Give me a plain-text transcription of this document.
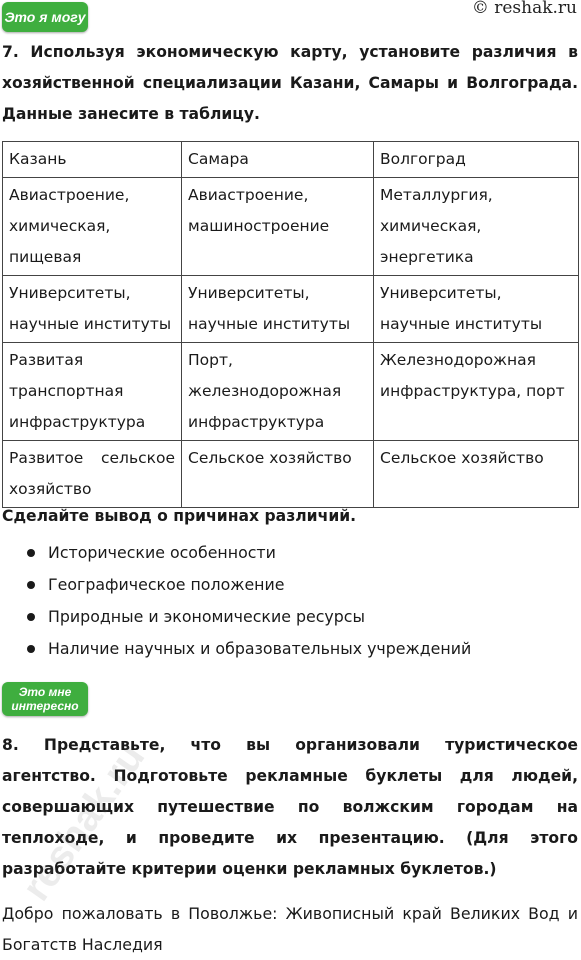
Это я могу	© reshak.ru
7. Используя экономическую карту, установите различия в хозяйственной специализации Казани, Самары и Волгограда. Данные занесите в таблицу.
Казань	Самара	Волгоград
Авиастроение, химическая, пищевая	Авиастроение, машиностроение	Металлургия, химическая, энергетика
Университеты, научные институты	Университеты, научные институты	Университеты, научные институты
Развитая транспортная инфраструктура	Порт, железнодорожная инфраструктура	Железнодорожная инфраструктура, порт
Развитое сельское хозяйство	Сельское хозяйство	Сельское хозяйство
Сделайте вывод о причинах различий.
Исторические особенности
Географическое положение
Природные и экономические ресурсы
Наличие научных и образовательных учреждений
Это мне
интересно
8. Представьте, что вы организовали туристическое агентство. Подготовьте рекламные буклеты для людей, совершающих путешествие по волжским городам на теплоходе, и проведите их презентацию. (Для этого разработайте критерии оценки рекламных буклетов.)
reshak.ru
Добро пожаловать в Поволжье: Живописный край Великих Вод и Богатств Наследия
